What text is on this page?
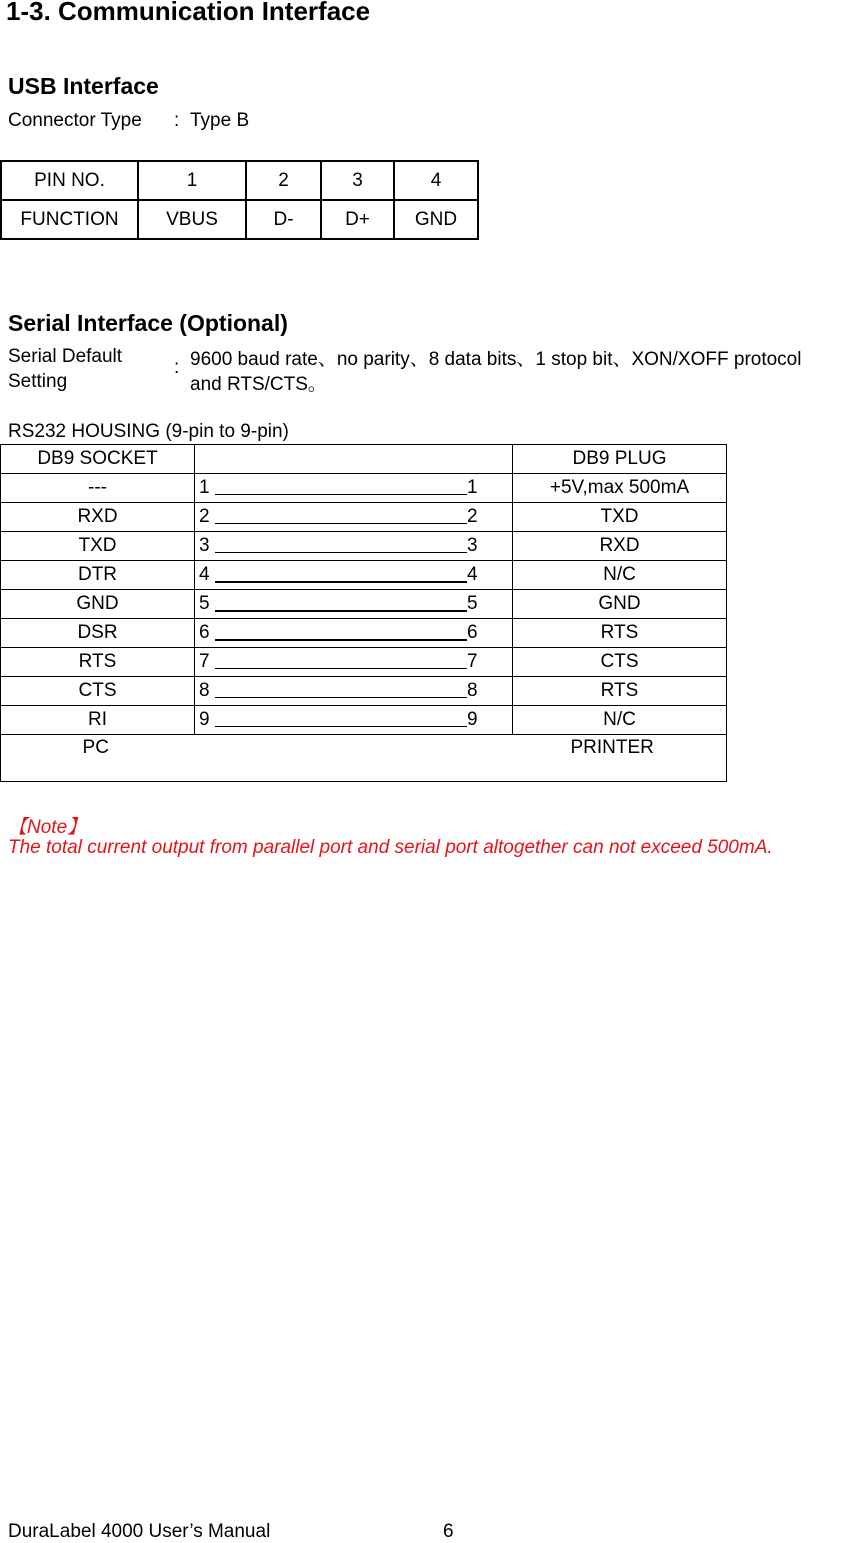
1-3. Communication Interface
USB Interface
Connector Type : Type B
PIN NO.	1	2	3	4
FUNCTION	VBUS	D-	D+	GND
Serial Interface (Optional)
Serial Default
Setting
: 9600 baud rate、no parity、8 data bits、1 stop bit、XON/XOFF protocol
and RTS/CTS。
RS232 HOUSING (9-pin to 9-pin)
DB9 SOCKET		DB9 PLUG
---	1 1	+5V,max 500mA
RXD	2 2	TXD
TXD	3 3	RXD
DTR	4 4	N/C
GND	5 5	GND
DSR	6 6	RTS
RTS	7 7	CTS
CTS	8 8	RTS
RI	9 9	N/C
PC		PRINTER
【Note】
The total current output from parallel port and serial port altogether can not exceed 500mA.
DuraLabel 4000 User’s Manual	6
